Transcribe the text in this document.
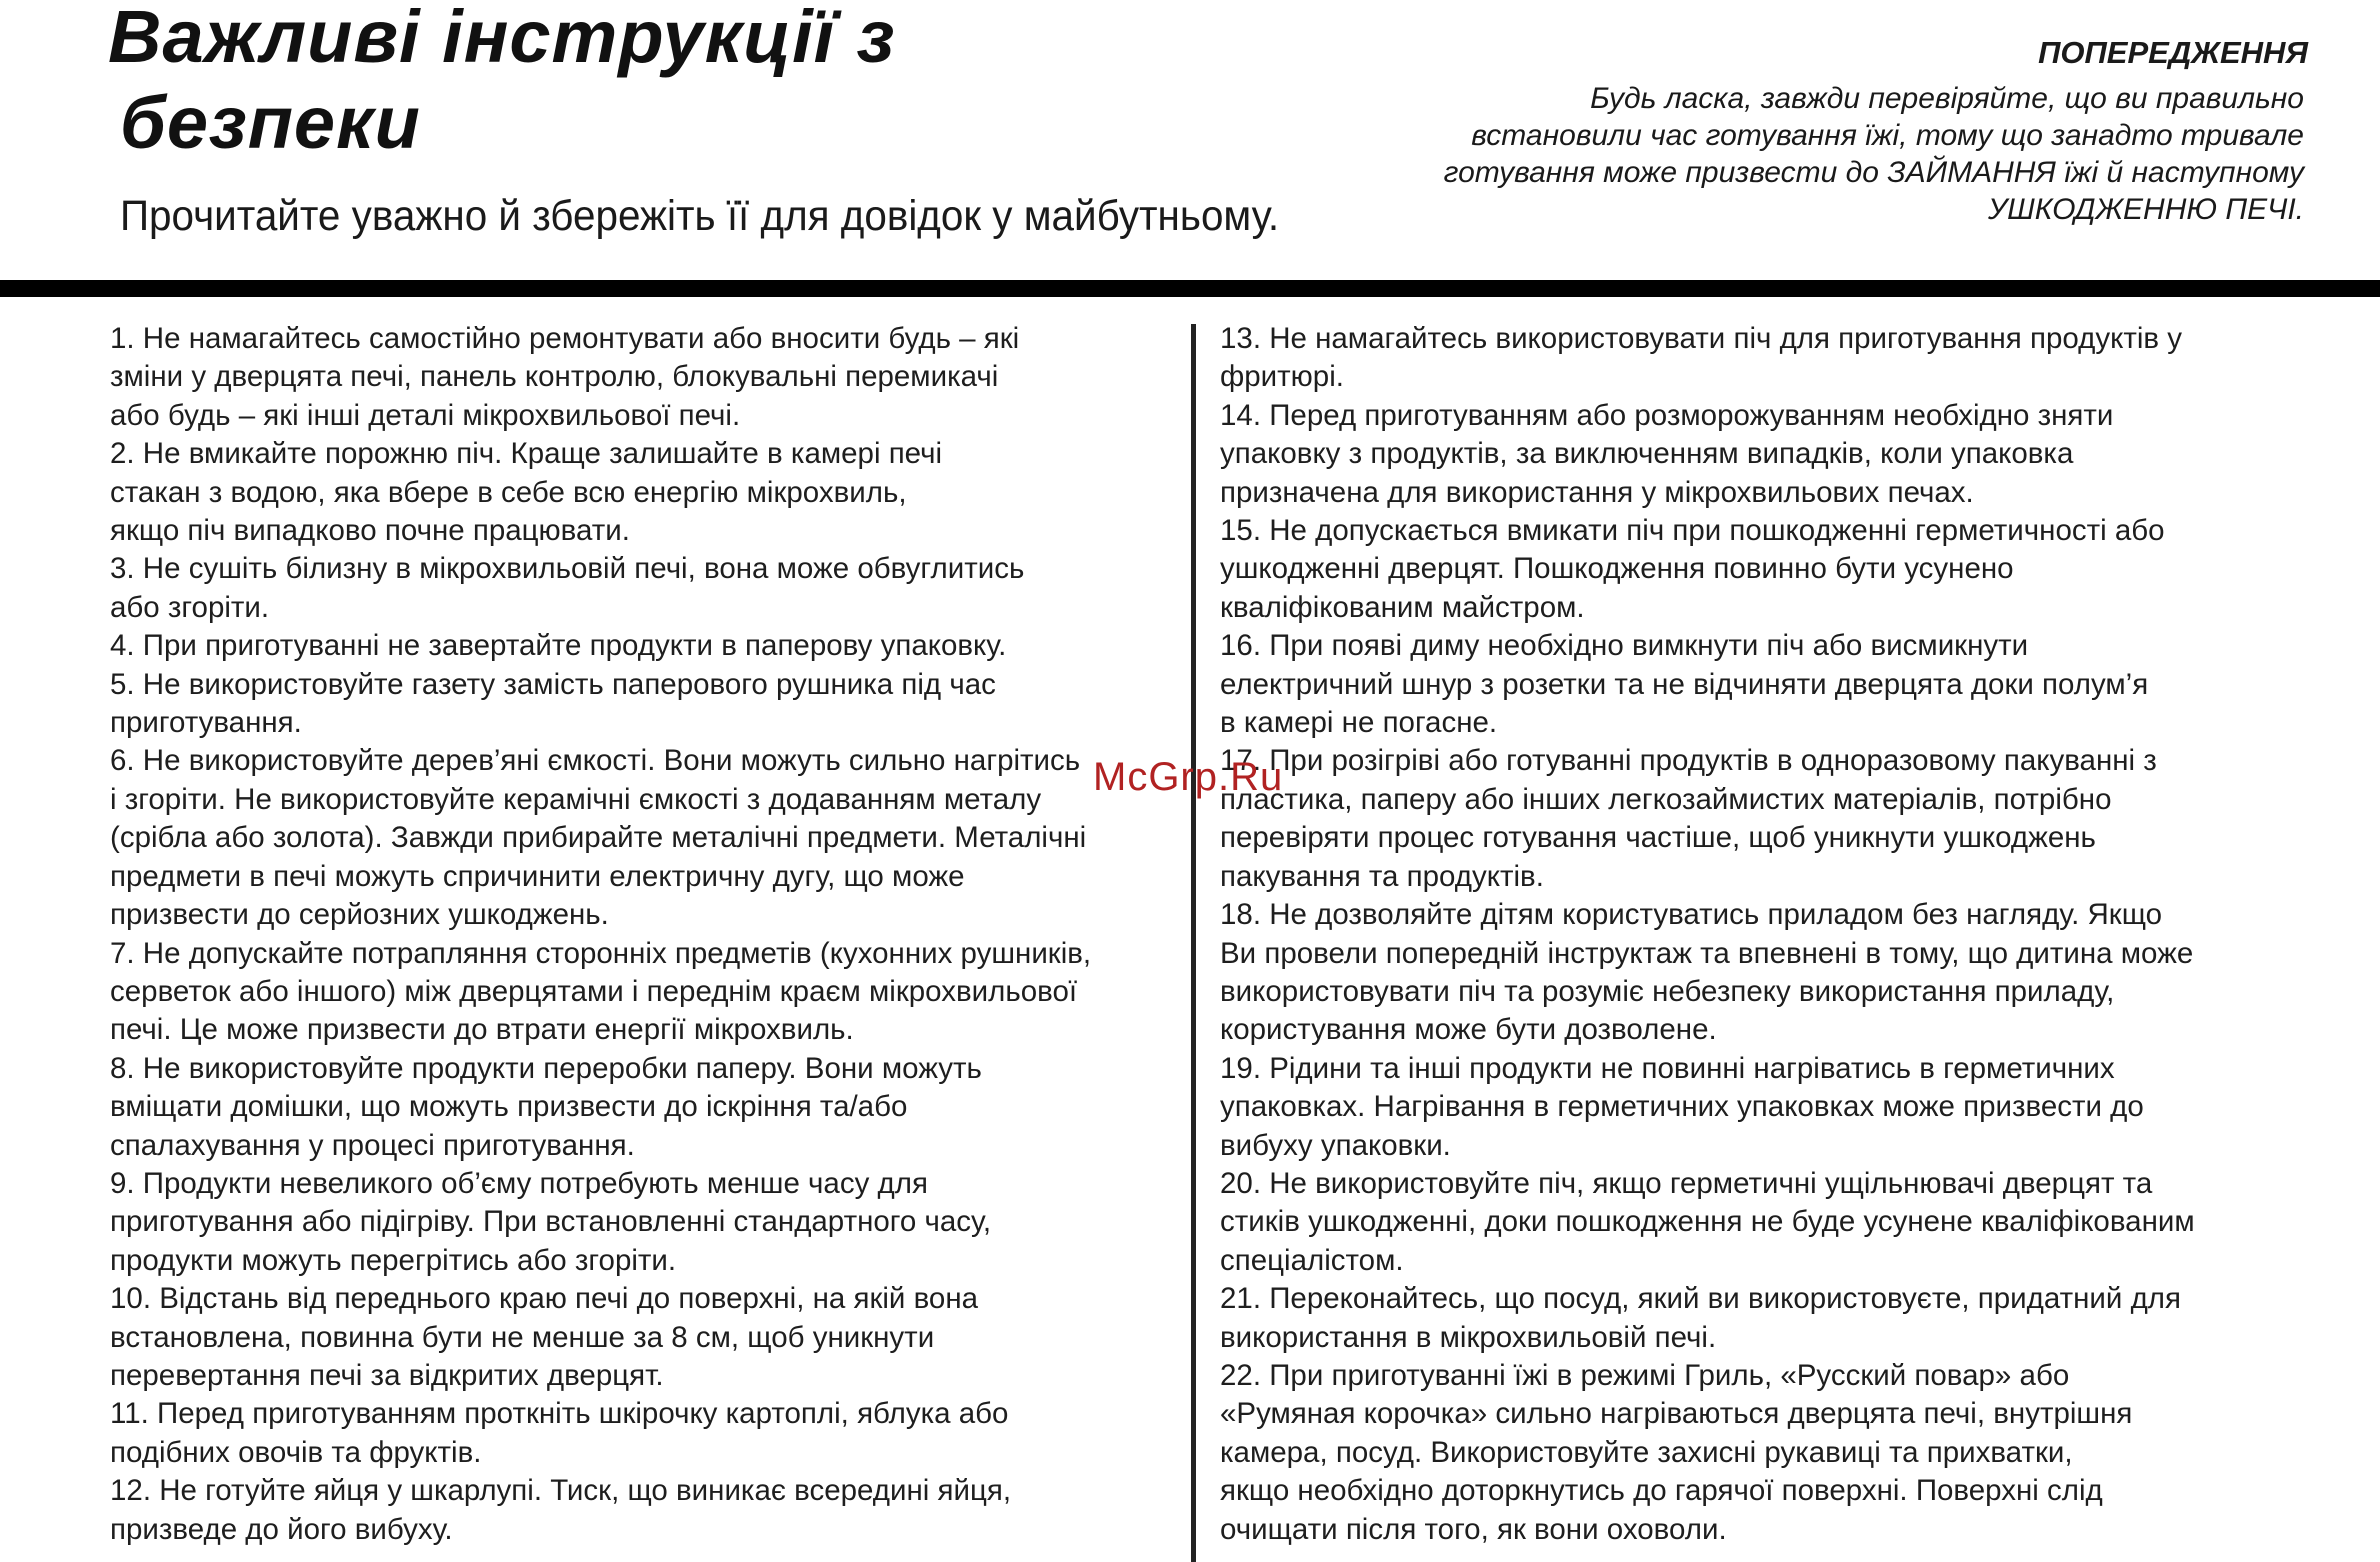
Важливі інструкції з
безпеки

Прочитайте уважно й збережіть її для довідок у майбутньому.

ПОПЕРЕДЖЕННЯ
Будь ласка, завжди перевіряйте, що ви правильно
встановили час готування їжі, тому що занадто тривале
готування може призвести до ЗАЙМАННЯ їжі й наступному
УШКОДЖЕННЮ ПЕЧІ.
1. Не намагайтесь самостійно ремонтувати або вносити будь – які
зміни у дверцята печі, панель контролю, блокувальні перемикачі
або будь – які інші деталі мікрохвильової печі.
2. Не вмикайте порожню піч. Краще залишайте в камері печі
стакан з водою, яка вбере в себе всю енергію мікрохвиль,
якщо піч випадково почне працювати.
3. Не сушіть білизну в мікрохвильовій печі, вона може обвуглитись
або згоріти.
4. При приготуванні не завертайте продукти в паперову упаковку.
5. Не використовуйте газету замість паперового рушника під час
приготування.
6. Не використовуйте дерев’яні ємкості. Вони можуть сильно нагрітись
і згоріти. Не використовуйте керамічні ємкості з додаванням металу
(срібла або золота). Завжди прибирайте металічні предмети. Металічні
предмети в печі можуть спричинити електричну дугу, що може
призвести до серйозних ушкоджень.
7. Не допускайте потрапляння сторонніх предметів (кухонних рушників,
серветок або іншого) між дверцятами і переднім краєм мікрохвильової
печі. Це може призвести до втрати енергії мікрохвиль.
8. Не використовуйте продукти переробки паперу. Вони можуть
вміщати домішки, що можуть призвести до іскріння та/або
спалахування у процесі приготування.
9. Продукти невеликого об’єму потребують менше часу для
приготування або підігріву. При встановленні стандартного часу,
продукти можуть перегрітись або згоріти.
10. Відстань від переднього краю печі до поверхні, на якій вона
встановлена, повинна бути не менше за 8 см, щоб уникнути
перевертання печі за відкритих дверцят.
11. Перед приготуванням проткніть шкірочку картоплі, яблука або
подібних овочів та фруктів.
12. Не готуйте яйця у шкарлупі. Тиск, що виникає всередині яйця,
призведе до його вибуху.
13. Не намагайтесь використовувати піч для приготування продуктів у
фритюрі.
14. Перед приготуванням або розморожуванням необхідно зняти
упаковку з продуктів, за виключенням випадків, коли упаковка
призначена для використання у мікрохвильових печах.
15. Не допускається вмикати піч при пошкодженні герметичності або
ушкодженні дверцят. Пошкодження повинно бути усунено
кваліфікованим майстром.
16. При появі диму необхідно вимкнути піч або висмикнути
електричний шнур з розетки та не відчиняти дверцята доки полум’я
в камері не погасне.
17. При розігріві або готуванні продуктів в одноразовому пакуванні з
пластика, паперу або інших легкозаймистих матеріалів, потрібно
перевіряти процес готування частіше, щоб уникнути ушкоджень
пакування та продуктів.
18. Не дозволяйте дітям користуватись приладом без нагляду. Якщо
Ви провели попередній інструктаж та впевнені в тому, що дитина може
використовувати піч та розуміє небезпеку використання приладу,
користування може бути дозволене.
19. Рідини та інші продукти не повинні нагріватись в герметичних
упаковках. Нагрівання в герметичних упаковках може призвести до
вибуху упаковки.
20. Не використовуйте піч, якщо герметичні ущільнювачі дверцят та
стиків ушкодженні, доки пошкодження не буде усунене кваліфікованим
спеціалістом.
21. Переконайтесь, що посуд, який ви використовуєте, придатний для
використання в мікрохвильовій печі.
22. При приготуванні їжі в режимі Гриль, «Русский повар» або
«Румяная корочка» сильно нагріваються дверцята печі, внутрішня
камера, посуд. Використовуйте захисні рукавиці та прихватки,
якщо необхідно доторкнутись до гарячої поверхні. Поверхні слід
очищати після того, як вони оховоли.
McGrp.Ru
